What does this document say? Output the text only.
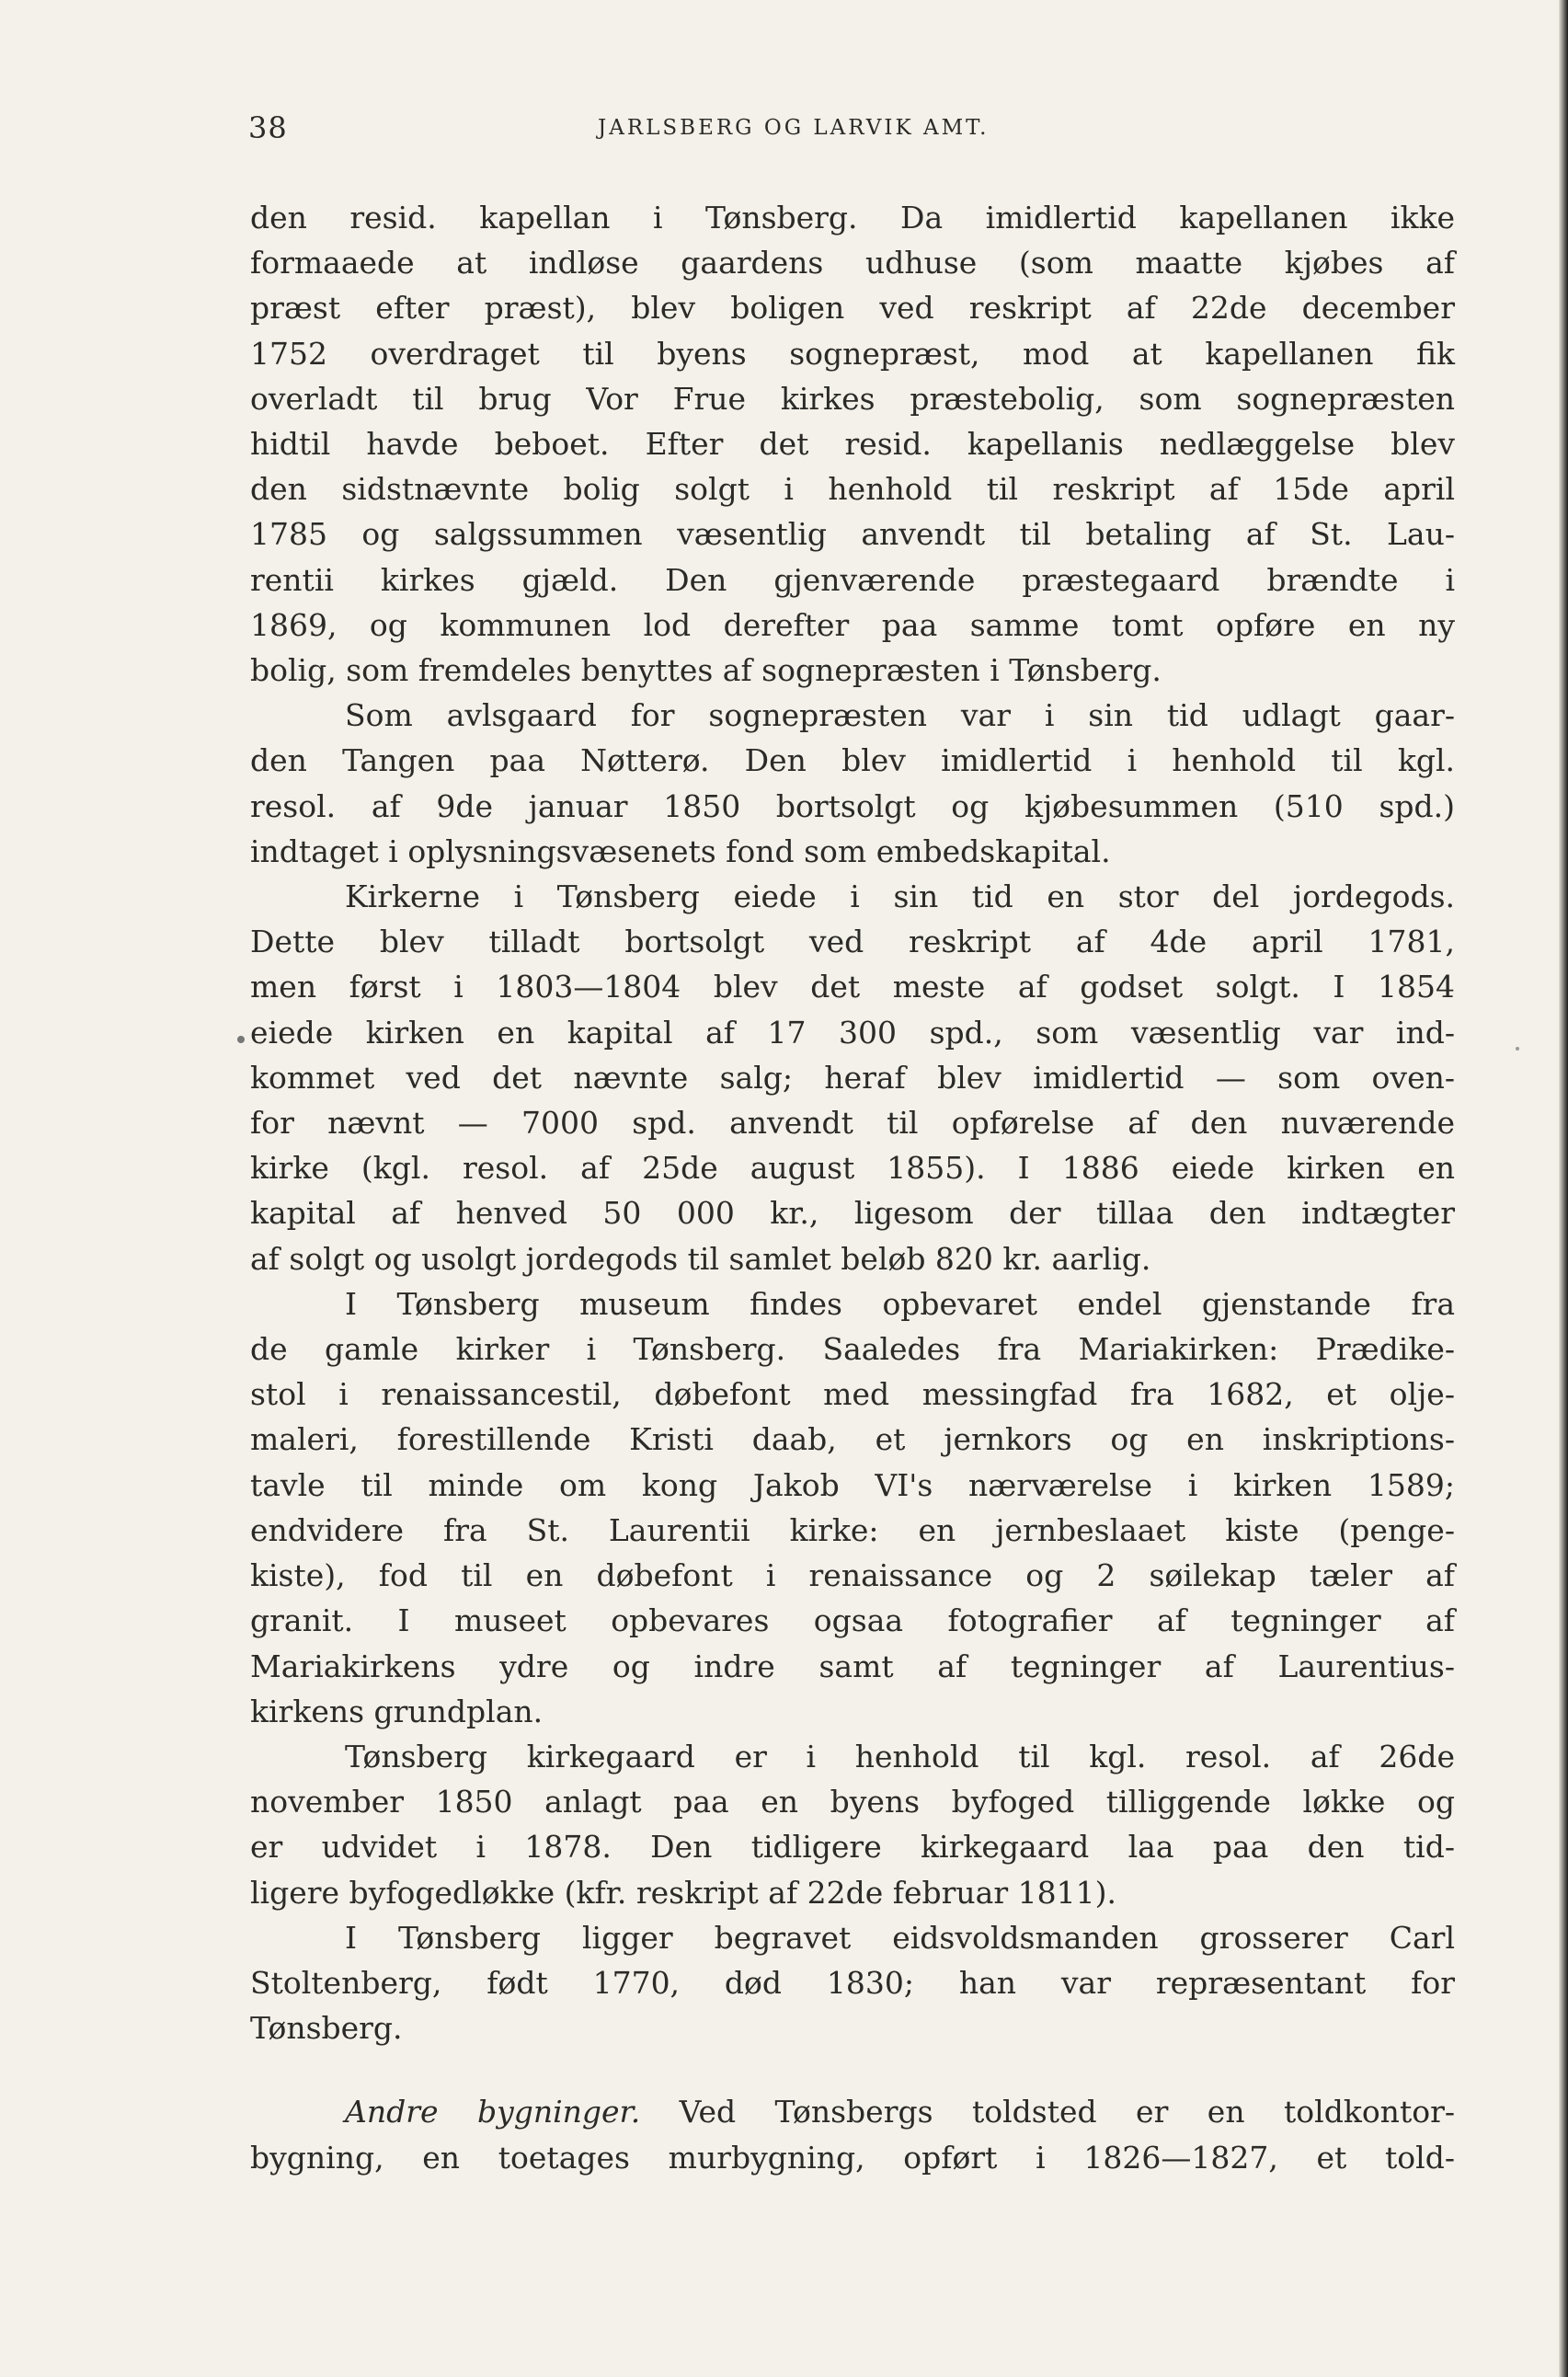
38	JARLSBERG OG LARVIK AMT.
den resid. kapellan i Tønsberg. Da imidlertid kapellanen ikke
formaaede at indløse gaardens udhuse (som maatte kjøbes af
præst efter præst), blev boligen ved reskript af 22de december
1752 overdraget til byens sognepræst, mod at kapellanen fik
overladt til brug Vor Frue kirkes præstebolig, som sognepræsten
hidtil havde beboet. Efter det resid. kapellanis nedlæggelse blev
den sidstnævnte bolig solgt i henhold til reskript af 15de april
1785 og salgssummen væsentlig anvendt til betaling af St. Lau-
rentii kirkes gjæld. Den gjenværende præstegaard brændte i
1869, og kommunen lod derefter paa samme tomt opføre en ny
bolig, som fremdeles benyttes af sognepræsten i Tønsberg.
Som avlsgaard for sognepræsten var i sin tid udlagt gaar-
den Tangen paa Nøtterø. Den blev imidlertid i henhold til kgl.
resol. af 9de januar 1850 bortsolgt og kjøbesummen (510 spd.)
indtaget i oplysningsvæsenets fond som embedskapital.
Kirkerne i Tønsberg eiede i sin tid en stor del jordegods.
Dette blev tilladt bortsolgt ved reskript af 4de april 1781,
men først i 1803—1804 blev det meste af godset solgt. I 1854
eiede kirken en kapital af 17 300 spd., som væsentlig var ind-
kommet ved det nævnte salg; heraf blev imidlertid — som oven-
for nævnt — 7000 spd. anvendt til opførelse af den nuværende
kirke (kgl. resol. af 25de august 1855). I 1886 eiede kirken en
kapital af henved 50 000 kr., ligesom der tillaa den indtægter
af solgt og usolgt jordegods til samlet beløb 820 kr. aarlig.
I Tønsberg museum findes opbevaret endel gjenstande fra
de gamle kirker i Tønsberg. Saaledes fra Mariakirken: Prædike-
stol i renaissancestil, døbefont med messingfad fra 1682, et olje-
maleri, forestillende Kristi daab, et jernkors og en inskriptions-
tavle til minde om kong Jakob VI's nærværelse i kirken 1589;
endvidere fra St. Laurentii kirke: en jernbeslaaet kiste (penge-
kiste), fod til en døbefont i renaissance og 2 søilekap tæler af
granit. I museet opbevares ogsaa fotografier af tegninger af
Mariakirkens ydre og indre samt af tegninger af Laurentius-
kirkens grundplan.
Tønsberg kirkegaard er i henhold til kgl. resol. af 26de
november 1850 anlagt paa en byens byfoged tilliggende løkke og
er udvidet i 1878. Den tidligere kirkegaard laa paa den tid-
ligere byfogedløkke (kfr. reskript af 22de februar 1811).
I Tønsberg ligger begravet eidsvoldsmanden grosserer Carl
Stoltenberg, født 1770, død 1830; han var repræsentant for
Tønsberg.
Andre bygninger. Ved Tønsbergs toldsted er en toldkontor-
bygning, en toetages murbygning, opført i 1826—1827, et told-
